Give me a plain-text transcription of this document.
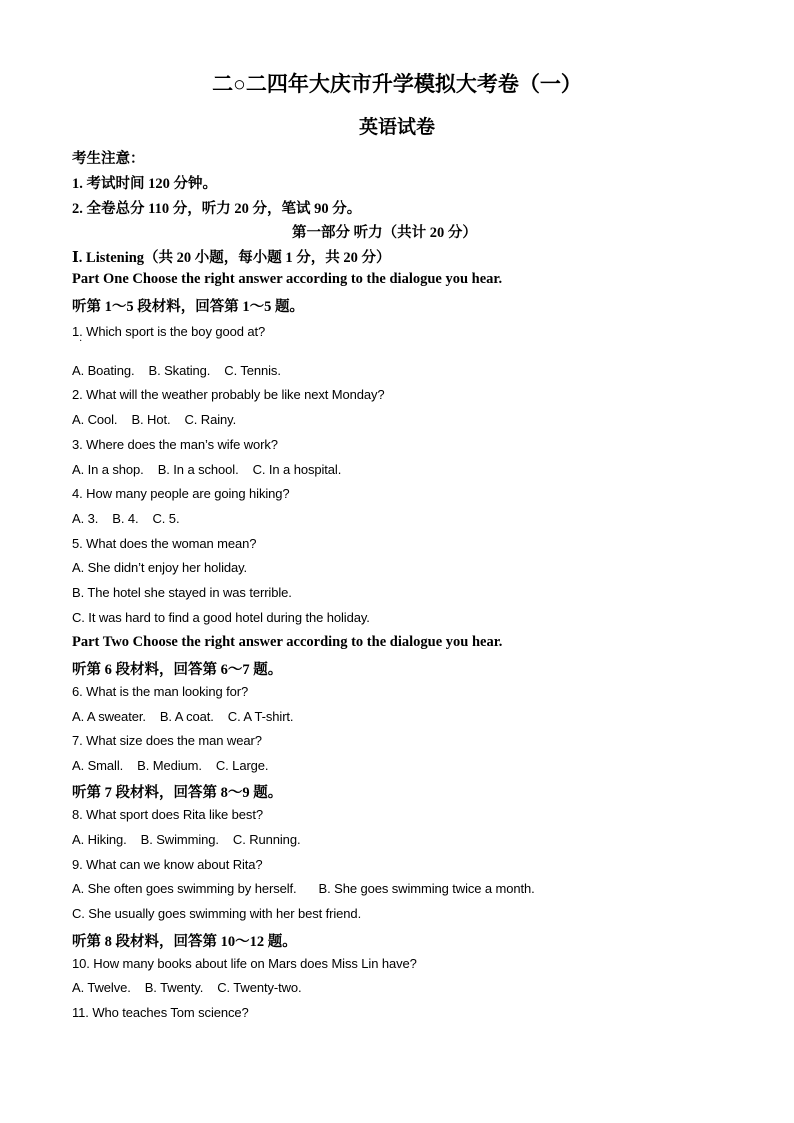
二○二四年大庆市升学模拟大考卷（一）
英语试卷
考生注意：
1. 考试时间 120 分钟。
2. 全卷总分 110 分，听力 20 分，笔试 90 分。
第一部分 听力（共计 20 分）
Ⅰ. Listening（共 20 小题，每小题 1 分，共 20 分）
Part One Choose the right answer according to the dialogue you hear.
听第 1～5 段材料，回答第 1～5 题。
1. Which sport is the boy good at?
·
A. Boating. B. Skating. C. Tennis.
2. What will the weather probably be like next Monday?
A. Cool. B. Hot. C. Rainy.
3. Where does the man’s wife work?
A. In a shop. B. In a school. C. In a hospital.
4. How many people are going hiking?
A. 3. B. 4. C. 5.
5. What does the woman mean?
A. She didn’t enjoy her holiday.
B. The hotel she stayed in was terrible.
C. It was hard to find a good hotel during the holiday.
Part Two Choose the right answer according to the dialogue you hear.
听第 6 段材料，回答第 6～7 题。
6. What is the man looking for?
A. A sweater. B. A coat. C. A T-shirt.
7. What size does the man wear?
A. Small. B. Medium. C. Large.
听第 7 段材料，回答第 8～9 题。
8. What sport does Rita like best?
A. Hiking. B. Swimming. C. Running.
9. What can we know about Rita?
A. She often goes swimming by herself. B. She goes swimming twice a month.
C. She usually goes swimming with her best friend.
听第 8 段材料，回答第 10～12 题。
10. How many books about life on Mars does Miss Lin have?
A. Twelve. B. Twenty. C. Twenty-two.
11. Who teaches Tom science?
